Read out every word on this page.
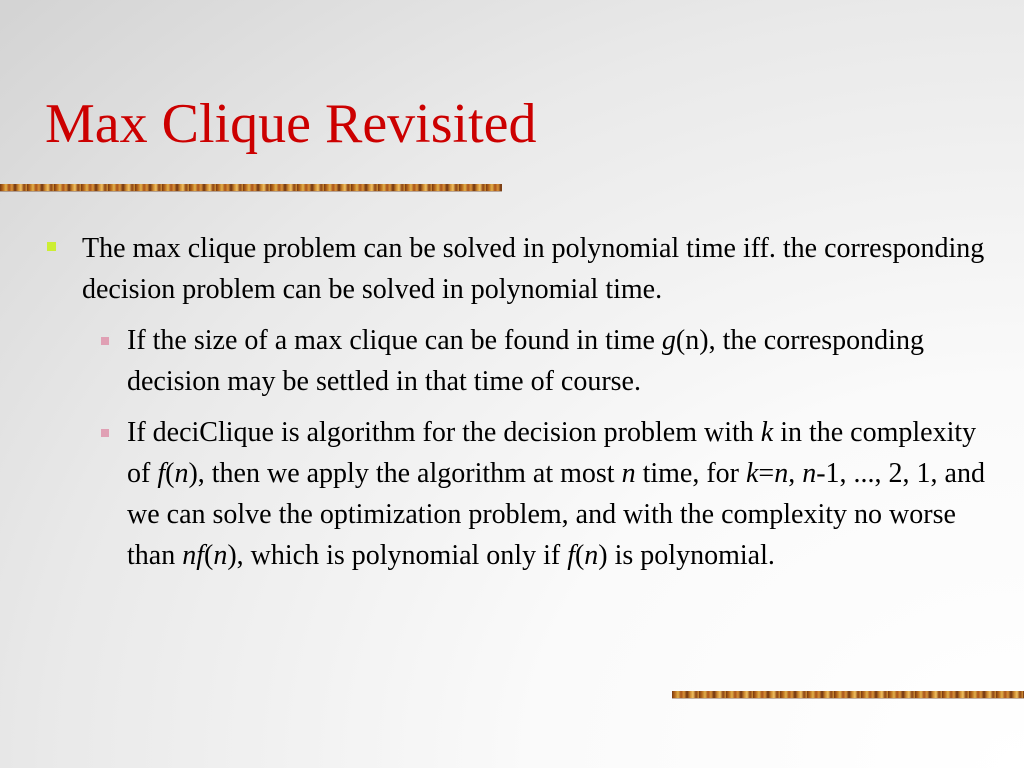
Max Clique Revisited
The max clique problem can be solved in polynomial time iff. the corresponding decision problem can be solved in polynomial time.
If the size of a max clique can be found in time g(n), the corresponding decision may be settled in that time of course.
If deciClique is algorithm for the decision problem with k in the complexity of f(n), then we apply the algorithm at most n time, for k=n, n-1, ..., 2, 1, and we can solve the optimization problem, and with the complexity no worse than nf(n), which is polynomial only if f(n) is polynomial.
